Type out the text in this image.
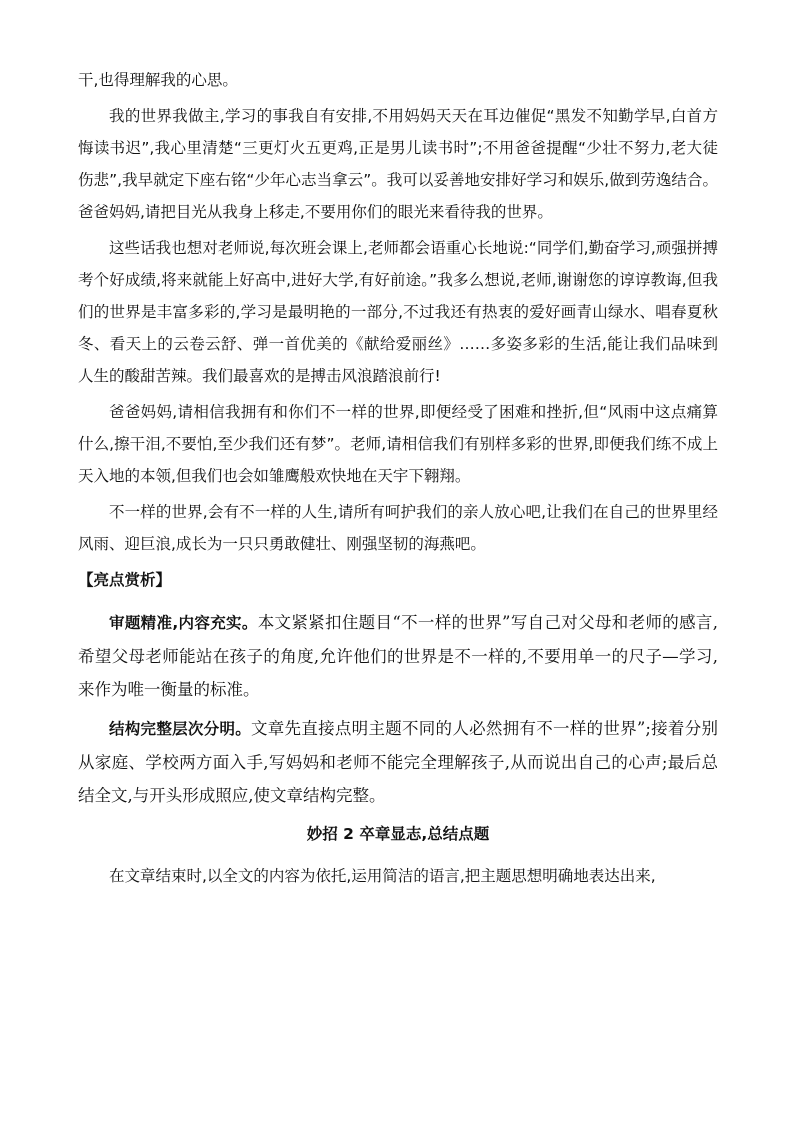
干,也得理解我的心思。

我的世界我做主,学习的事我自有安排,不用妈妈天天在耳边催促“黑发不知勤学早,白首方悔读书迟”,我心里清楚“三更灯火五更鸡,正是男儿读书时”;不用爸爸提醒“少壮不努力,老大徒伤悲”,我早就定下座右铭“少年心志当拿云”。我可以妥善地安排好学习和娱乐,做到劳逸结合。爸爸妈妈,请把目光从我身上移走,不要用你们的眼光来看待我的世界。

这些话我也想对老师说,每次班会课上,老师都会语重心长地说:“同学们,勤奋学习,顽强拼搏考个好成绩,将来就能上好高中,进好大学,有好前途。”我多么想说,老师,谢谢您的谆谆教诲,但我们的世界是丰富多彩的,学习是最明艳的一部分,不过我还有热衷的爱好画青山绿水、唱春夏秋冬、看天上的云卷云舒、弹一首优美的《献给爱丽丝》……多姿多彩的生活,能让我们品味到人生的酸甜苦辣。我们最喜欢的是搏击风浪踏浪前行!

爸爸妈妈,请相信我拥有和你们不一样的世界,即便经受了困难和挫折,但“风雨中这点痛算什么,擦干泪,不要怕,至少我们还有梦”。老师,请相信我们有别样多彩的世界,即便我们练不成上天入地的本领,但我们也会如雏鹰般欢快地在天宇下翱翔。

不一样的世界,会有不一样的人生,请所有呵护我们的亲人放心吧,让我们在自己的世界里经风雨、迎巨浪,成长为一只只勇敢健壮、刚强坚韧的海燕吧。

【亮点赏析】

审题精准,内容充实。本文紧紧扣住题目“不一样的世界”写自己对父母和老师的感言,希望父母老师能站在孩子的角度,允许他们的世界是不一样的,不要用单一的尺子—学习,来作为唯一衡量的标准。

结构完整层次分明。文章先直接点明主题不同的人必然拥有不一样的世界”;接着分别从家庭、学校两方面入手,写妈妈和老师不能完全理解孩子,从而说出自己的心声;最后总结全文,与开头形成照应,使文章结构完整。

妙招 2 卒章显志,总结点题

在文章结束时,以全文的内容为依托,运用简洁的语言,把主题思想明确地表达出来,
